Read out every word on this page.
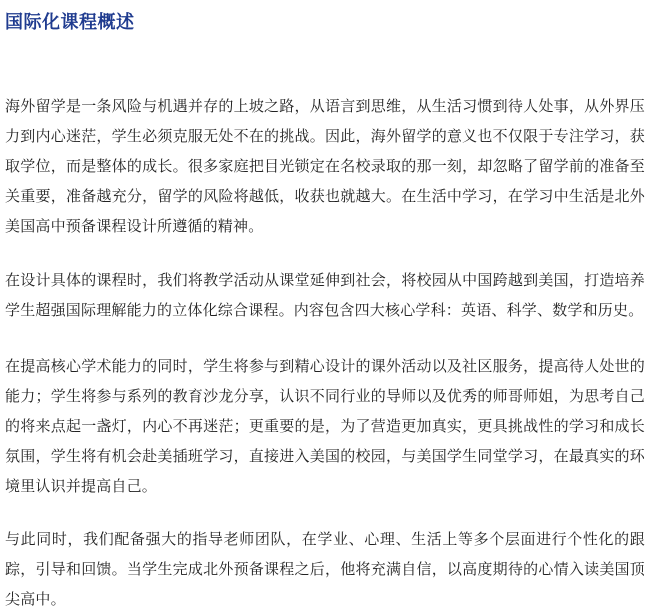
国际化课程概述

海外留学是一条风险与机遇并存的上坡之路，从语言到思维，从生活习惯到待人处事，从外界压力到内心迷茫，学生必须克服无处不在的挑战。因此，海外留学的意义也不仅限于专注学习，获取学位，而是整体的成长。很多家庭把目光锁定在名校录取的那一刻，却忽略了留学前的准备至关重要，准备越充分，留学的风险将越低，收获也就越大。在生活中学习，在学习中生活是北外美国高中预备课程设计所遵循的精神。

在设计具体的课程时，我们将教学活动从课堂延伸到社会，将校园从中国跨越到美国，打造培养学生超强国际理解能力的立体化综合课程。内容包含四大核心学科：英语、科学、数学和历史。

在提高核心学术能力的同时，学生将参与到精心设计的课外活动以及社区服务，提高待人处世的能力；学生将参与系列的教育沙龙分享，认识不同行业的导师以及优秀的师哥师姐，为思考自己的将来点起一盏灯，内心不再迷茫；更重要的是，为了营造更加真实，更具挑战性的学习和成长氛围，学生将有机会赴美插班学习，直接进入美国的校园，与美国学生同堂学习，在最真实的环境里认识并提高自己。

与此同时，我们配备强大的指导老师团队，在学业、心理、生活上等多个层面进行个性化的跟踪，引导和回馈。当学生完成北外预备课程之后，他将充满自信，以高度期待的心情入读美国顶尖高中。
